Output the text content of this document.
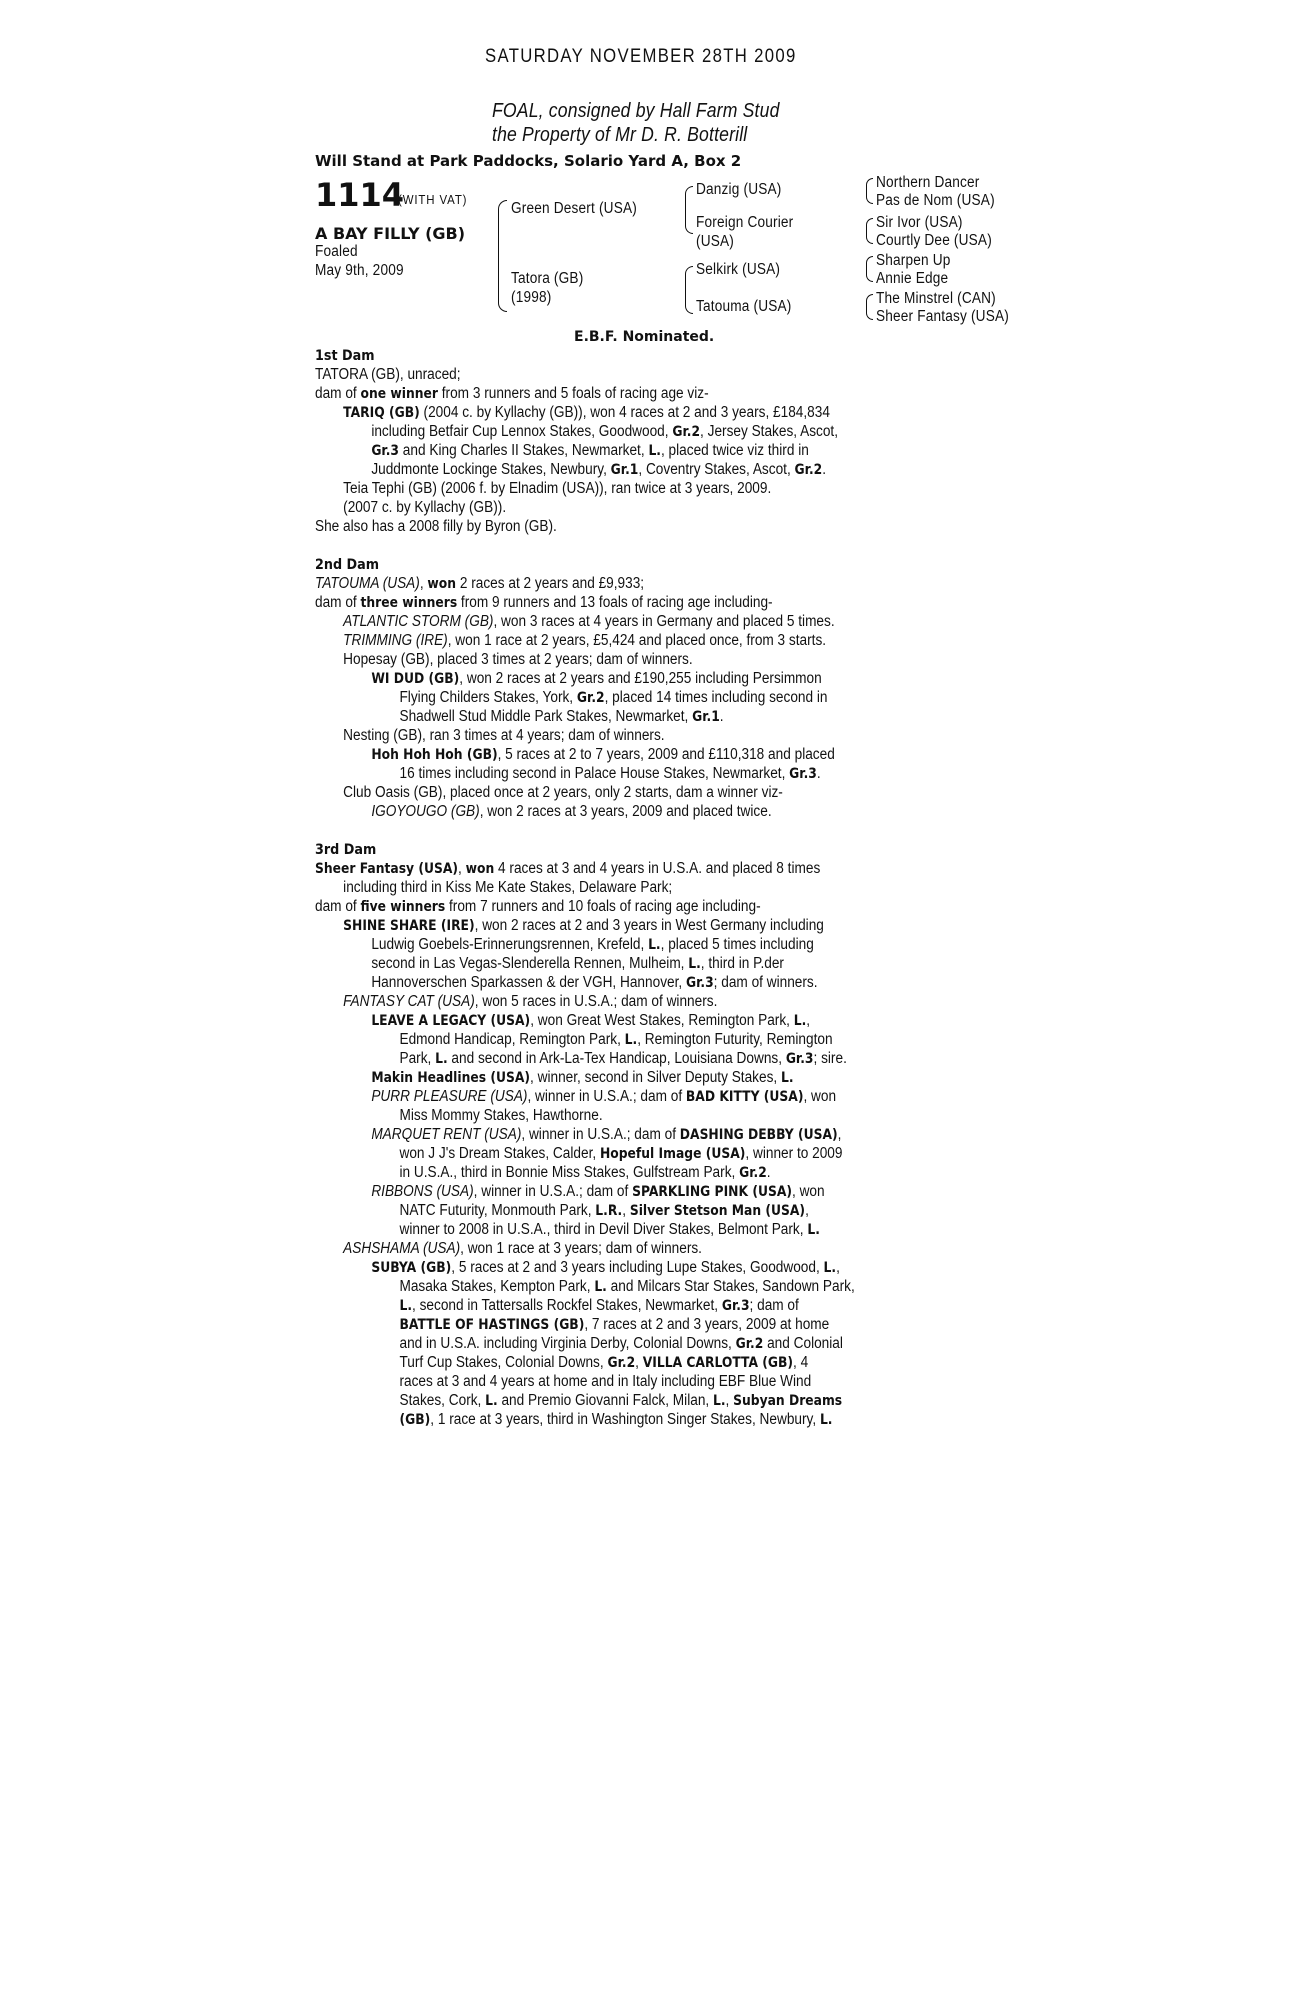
SATURDAY NOVEMBER 28TH 2009
FOAL, consigned by Hall Farm Stud
the Property of Mr D. R. Botterill
Will Stand at Park Paddocks, Solario Yard A, Box 2
1114
(WITH VAT)
A BAY FILLY (GB)
Foaled
May 9th, 2009
Green Desert (USA)
Tatora (GB)
(1998)
Danzig (USA)
Foreign Courier
(USA)
Selkirk (USA)
Tatouma (USA)
Northern Dancer
Pas de Nom (USA)
Sir Ivor (USA)
Courtly Dee (USA)
Sharpen Up
Annie Edge
The Minstrel (CAN)
Sheer Fantasy (USA)
E.B.F. Nominated.
1st Dam
TATORA (GB), unraced;
dam of one winner from 3 runners and 5 foals of racing age viz-
TARIQ (GB) (2004 c. by Kyllachy (GB)), won 4 races at 2 and 3 years, £184,834
including Betfair Cup Lennox Stakes, Goodwood, Gr.2, Jersey Stakes, Ascot,
Gr.3 and King Charles II Stakes, Newmarket, L., placed twice viz third in
Juddmonte Lockinge Stakes, Newbury, Gr.1, Coventry Stakes, Ascot, Gr.2.
Teia Tephi (GB) (2006 f. by Elnadim (USA)), ran twice at 3 years, 2009.
(2007 c. by Kyllachy (GB)).
She also has a 2008 filly by Byron (GB).
2nd Dam
TATOUMA (USA), won 2 races at 2 years and £9,933;
dam of three winners from 9 runners and 13 foals of racing age including-
ATLANTIC STORM (GB), won 3 races at 4 years in Germany and placed 5 times.
TRIMMING (IRE), won 1 race at 2 years, £5,424 and placed once, from 3 starts.
Hopesay (GB), placed 3 times at 2 years; dam of winners.
WI DUD (GB), won 2 races at 2 years and £190,255 including Persimmon
Flying Childers Stakes, York, Gr.2, placed 14 times including second in
Shadwell Stud Middle Park Stakes, Newmarket, Gr.1.
Nesting (GB), ran 3 times at 4 years; dam of winners.
Hoh Hoh Hoh (GB), 5 races at 2 to 7 years, 2009 and £110,318 and placed
16 times including second in Palace House Stakes, Newmarket, Gr.3.
Club Oasis (GB), placed once at 2 years, only 2 starts, dam a winner viz-
IGOYOUGO (GB), won 2 races at 3 years, 2009 and placed twice.
3rd Dam
Sheer Fantasy (USA), won 4 races at 3 and 4 years in U.S.A. and placed 8 times
including third in Kiss Me Kate Stakes, Delaware Park;
dam of five winners from 7 runners and 10 foals of racing age including-
SHINE SHARE (IRE), won 2 races at 2 and 3 years in West Germany including
Ludwig Goebels-Erinnerungsrennen, Krefeld, L., placed 5 times including
second in Las Vegas-Slenderella Rennen, Mulheim, L., third in P.der
Hannoverschen Sparkassen & der VGH, Hannover, Gr.3; dam of winners.
FANTASY CAT (USA), won 5 races in U.S.A.; dam of winners.
LEAVE A LEGACY (USA), won Great West Stakes, Remington Park, L.,
Edmond Handicap, Remington Park, L., Remington Futurity, Remington
Park, L. and second in Ark-La-Tex Handicap, Louisiana Downs, Gr.3; sire.
Makin Headlines (USA), winner, second in Silver Deputy Stakes, L.
PURR PLEASURE (USA), winner in U.S.A.; dam of BAD KITTY (USA), won
Miss Mommy Stakes, Hawthorne.
MARQUET RENT (USA), winner in U.S.A.; dam of DASHING DEBBY (USA),
won J J's Dream Stakes, Calder, Hopeful Image (USA), winner to 2009
in U.S.A., third in Bonnie Miss Stakes, Gulfstream Park, Gr.2.
RIBBONS (USA), winner in U.S.A.; dam of SPARKLING PINK (USA), won
NATC Futurity, Monmouth Park, L.R., Silver Stetson Man (USA),
winner to 2008 in U.S.A., third in Devil Diver Stakes, Belmont Park, L.
ASHSHAMA (USA), won 1 race at 3 years; dam of winners.
SUBYA (GB), 5 races at 2 and 3 years including Lupe Stakes, Goodwood, L.,
Masaka Stakes, Kempton Park, L. and Milcars Star Stakes, Sandown Park,
L., second in Tattersalls Rockfel Stakes, Newmarket, Gr.3; dam of
BATTLE OF HASTINGS (GB), 7 races at 2 and 3 years, 2009 at home
and in U.S.A. including Virginia Derby, Colonial Downs, Gr.2 and Colonial
Turf Cup Stakes, Colonial Downs, Gr.2, VILLA CARLOTTA (GB), 4
races at 3 and 4 years at home and in Italy including EBF Blue Wind
Stakes, Cork, L. and Premio Giovanni Falck, Milan, L., Subyan Dreams
(GB), 1 race at 3 years, third in Washington Singer Stakes, Newbury, L.
